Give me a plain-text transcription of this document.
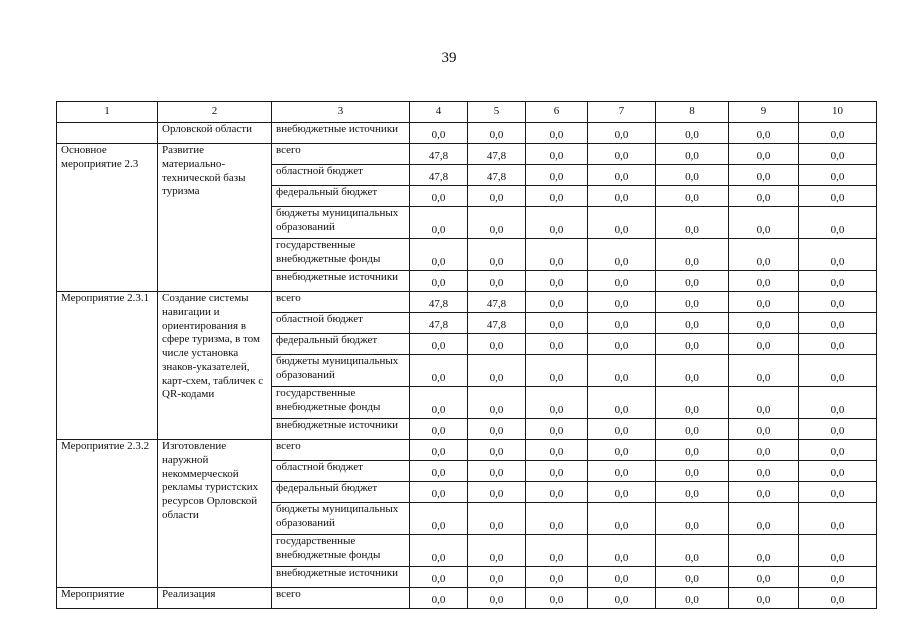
39
1	2	3	4	5	6	7	8	9	10
	Орловской области	внебюджетные источники	0,0	0,0	0,0	0,0	0,0	0,0	0,0
Основное мероприятие 2.3	Развитие материально-технической базы туризма	всего	47,8	47,8	0,0	0,0	0,0	0,0	0,0
		областной бюджет	47,8	47,8	0,0	0,0	0,0	0,0	0,0
		федеральный бюджет	0,0	0,0	0,0	0,0	0,0	0,0	0,0
		бюджеты муниципальных образований	0,0	0,0	0,0	0,0	0,0	0,0	0,0
		государственные внебюджетные фонды	0,0	0,0	0,0	0,0	0,0	0,0	0,0
		внебюджетные источники	0,0	0,0	0,0	0,0	0,0	0,0	0,0
Мероприятие 2.3.1	Создание системы навигации и ориентирования в сфере туризма, в том числе установка знаков-указателей, карт-схем, табличек с QR-кодами	всего	47,8	47,8	0,0	0,0	0,0	0,0	0,0
		областной бюджет	47,8	47,8	0,0	0,0	0,0	0,0	0,0
		федеральный бюджет	0,0	0,0	0,0	0,0	0,0	0,0	0,0
		бюджеты муниципальных образований	0,0	0,0	0,0	0,0	0,0	0,0	0,0
		государственные внебюджетные фонды	0,0	0,0	0,0	0,0	0,0	0,0	0,0
		внебюджетные источники	0,0	0,0	0,0	0,0	0,0	0,0	0,0
Мероприятие 2.3.2	Изготовление наружной некоммерческой рекламы туристских ресурсов Орловской области	всего	0,0	0,0	0,0	0,0	0,0	0,0	0,0
		областной бюджет	0,0	0,0	0,0	0,0	0,0	0,0	0,0
		федеральный бюджет	0,0	0,0	0,0	0,0	0,0	0,0	0,0
		бюджеты муниципальных образований	0,0	0,0	0,0	0,0	0,0	0,0	0,0
		государственные внебюджетные фонды	0,0	0,0	0,0	0,0	0,0	0,0	0,0
		внебюджетные источники	0,0	0,0	0,0	0,0	0,0	0,0	0,0
Мероприятие	Реализация	всего	0,0	0,0	0,0	0,0	0,0	0,0	0,0
